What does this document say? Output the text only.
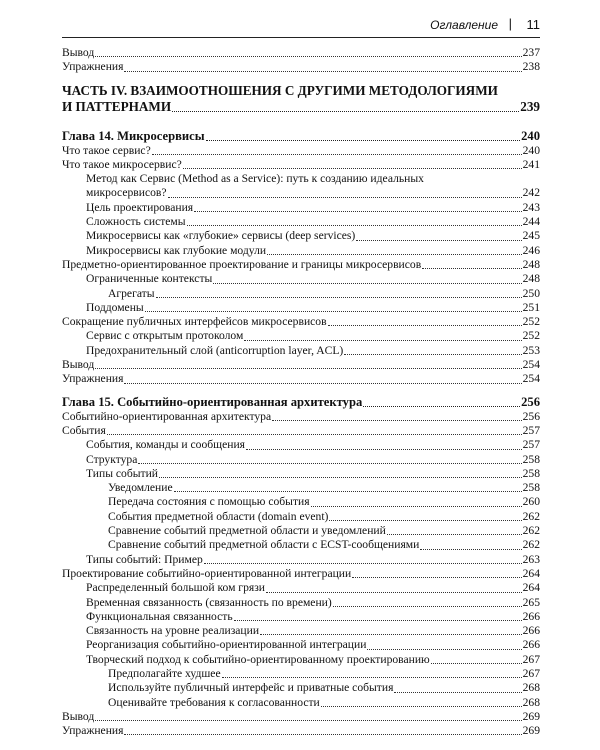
Оглавление | 11
Вывод	237
Упражнения	238
ЧАСТЬ IV. ВЗАИМООТНОШЕНИЯ С ДРУГИМИ МЕТОДОЛОГИЯМИ
И ПАТТЕРНАМИ	239
Глава 14. Микросервисы	240
Что такое сервис?	240
Что такое микросервис?	241
Метод как Сервис (Method as a Service): путь к созданию идеальных
микросервисов?	242
Цель проектирования	243
Сложность системы	244
Микросервисы как «глубокие» сервисы (deep services)	245
Микросервисы как глубокие модули	246
Предметно-ориентированное проектирование и границы микросервисов	248
Ограниченные контексты	248
Агрегаты	250
Поддомены	251
Сокращение публичных интерфейсов микросервисов	252
Сервис с открытым протоколом	252
Предохранительный слой (anticorruption layer, ACL)	253
Вывод	254
Упражнения	254
Глава 15. Событийно-ориентированная архитектура	256
Событийно-ориентированная архитектура	256
События	257
События, команды и сообщения	257
Структура	258
Типы событий	258
Уведомление	258
Передача состояния с помощью события	260
События предметной области (domain event)	262
Сравнение событий предметной области и уведомлений	262
Сравнение событий предметной области с ECST-сообщениями	262
Типы событий: Пример	263
Проектирование событийно-ориентированной интеграции	264
Распределенный большой ком грязи	264
Временная связанность (связанность по времени)	265
Функциональная связанность	266
Связанность на уровне реализации	266
Реорганизация событийно-ориентированной интеграции	266
Творческий подход к событийно-ориентированному проектированию	267
Предполагайте худшее	267
Используйте публичный интерфейс и приватные события	268
Оценивайте требования к согласованности	268
Вывод	269
Упражнения	269
